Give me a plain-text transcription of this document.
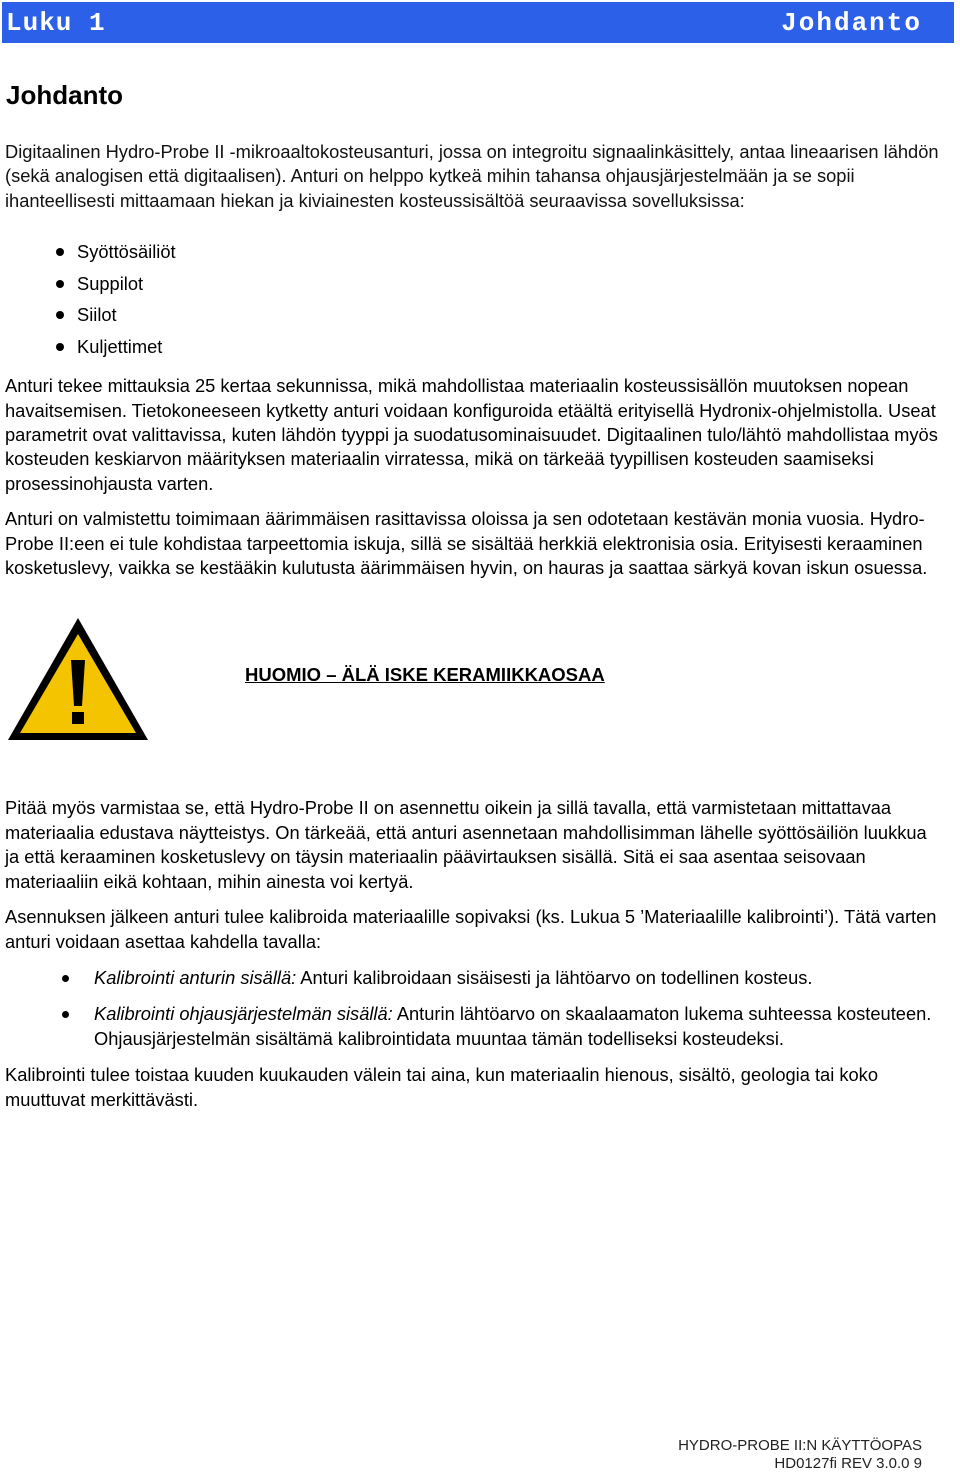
Luku 1	Johdanto
Johdanto

Digitaalinen Hydro-Probe II -mikroaaltokosteusanturi, jossa on integroitu signaalinkäsittely, antaa lineaarisen lähdön (sekä analogisen että digitaalisen). Anturi on helppo kytkeä mihin tahansa ohjausjärjestelmään ja se sopii ihanteellisesti mittaamaan hiekan ja kiviainesten kosteussisältöä seuraavissa sovelluksissa:

Syöttösäiliöt
Suppilot
Siilot
Kuljettimet

Anturi tekee mittauksia 25 kertaa sekunnissa, mikä mahdollistaa materiaalin kosteussisällön muutoksen nopean havaitsemisen. Tietokoneeseen kytketty anturi voidaan konfiguroida etäältä erityisellä Hydronix-ohjelmistolla. Useat parametrit ovat valittavissa, kuten lähdön tyyppi ja suodatusominaisuudet. Digitaalinen tulo/lähtö mahdollistaa myös kosteuden keskiarvon määrityksen materiaalin virratessa, mikä on tärkeää tyypillisen kosteuden saamiseksi prosessinohjausta varten.

Anturi on valmistettu toimimaan äärimmäisen rasittavissa oloissa ja sen odotetaan kestävän monia vuosia. Hydro-Probe II:een ei tule kohdistaa tarpeettomia iskuja, sillä se sisältää herkkiä elektronisia osia. Erityisesti keraaminen kosketuslevy, vaikka se kestääkin kulutusta äärimmäisen hyvin, on hauras ja saattaa särkyä kovan iskun osuessa.

HUOMIO – ÄLÄ ISKE KERAMIIKKAOSAA

Pitää myös varmistaa se, että Hydro-Probe II on asennettu oikein ja sillä tavalla, että varmistetaan mittattavaa materiaalia edustava näytteistys. On tärkeää, että anturi asennetaan mahdollisimman lähelle syöttösäiliön luukkua ja että keraaminen kosketuslevy on täysin materiaalin päävirtauksen sisällä. Sitä ei saa asentaa seisovaan materiaaliin eikä kohtaan, mihin ainesta voi kertyä.

Asennuksen jälkeen anturi tulee kalibroida materiaalille sopivaksi (ks. Lukua 5 ’Materiaalille kalibrointi’). Tätä varten anturi voidaan asettaa kahdella tavalla:

Kalibrointi anturin sisällä: Anturi kalibroidaan sisäisesti ja lähtöarvo on todellinen kosteus.
Kalibrointi ohjausjärjestelmän sisällä: Anturin lähtöarvo on skaalaamaton lukema suhteessa kosteuteen. Ohjausjärjestelmän sisältämä kalibrointidata muuntaa tämän todelliseksi kosteudeksi.

Kalibrointi tulee toistaa kuuden kuukauden välein tai aina, kun materiaalin hienous, sisältö, geologia tai koko muuttuvat merkittävästi.

HYDRO-PROBE II:N KÄYTTÖOPAS
HD0127fi REV 3.0.0 9
